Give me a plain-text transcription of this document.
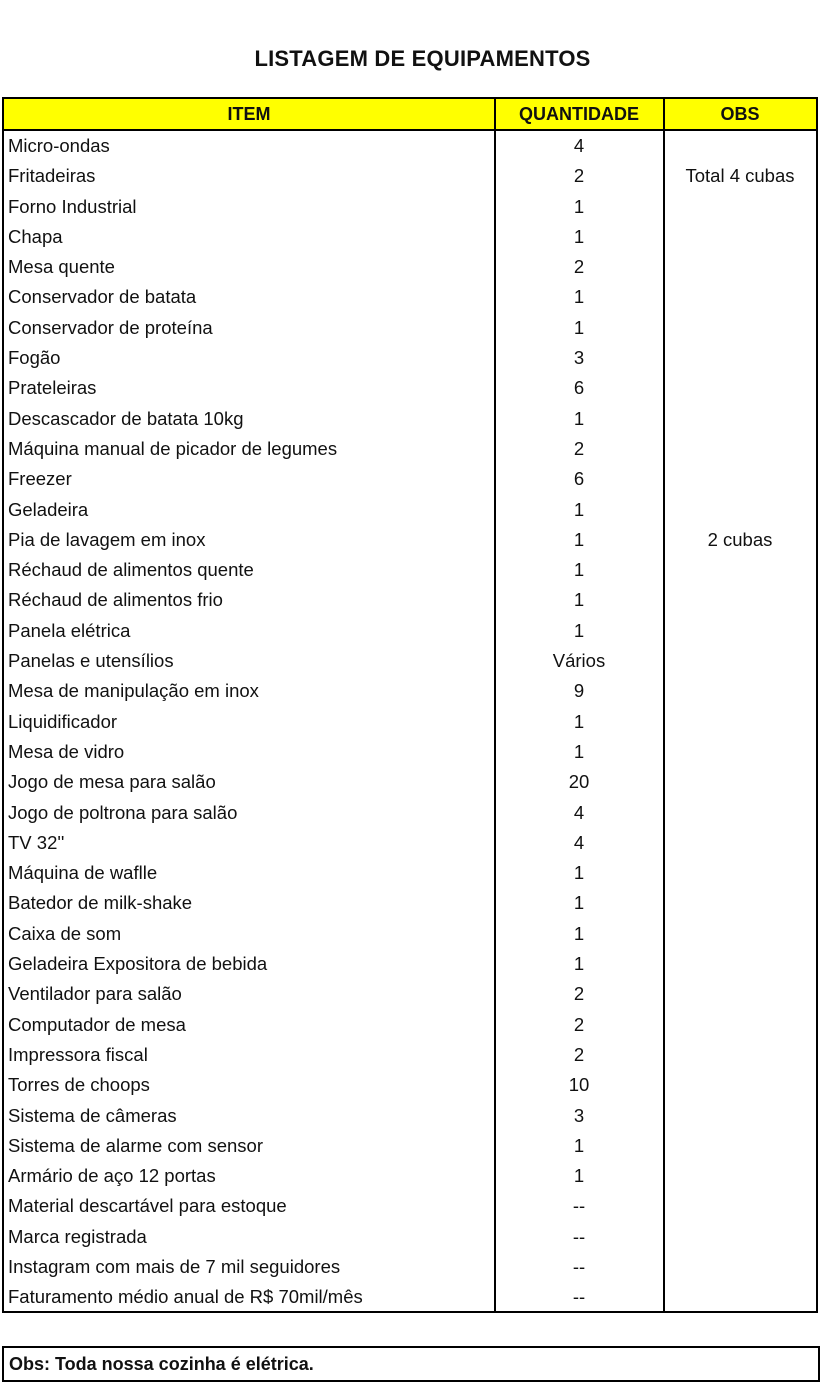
LISTAGEM DE EQUIPAMENTOS
ITEM	QUANTIDADE	OBS
Micro-ondas	4
Fritadeiras	2	Total 4 cubas
Forno Industrial	1
Chapa	1
Mesa quente	2
Conservador de batata	1
Conservador de proteína	1
Fogão	3
Prateleiras	6
Descascador de batata 10kg	1
Máquina manual de picador de legumes	2
Freezer	6
Geladeira	1
Pia de lavagem em inox	1	2 cubas
Réchaud de alimentos quente	1
Réchaud de alimentos frio	1
Panela elétrica	1
Panelas e utensílios	Vários
Mesa de manipulação em inox	9
Liquidificador	1
Mesa de vidro	1
Jogo de mesa para salão	20
Jogo de poltrona para salão	4
TV 32''	4
Máquina de waflle	1
Batedor de milk-shake	1
Caixa de som	1
Geladeira Expositora de bebida	1
Ventilador para salão	2
Computador de mesa	2
Impressora fiscal	2
Torres de choops	10
Sistema de câmeras	3
Sistema de alarme com sensor	1
Armário de aço 12 portas	1
Material descartável para estoque	--
Marca registrada	--
Instagram com mais de 7 mil seguidores	--
Faturamento médio anual de R$ 70mil/mês	--
Obs: Toda nossa cozinha é elétrica.
